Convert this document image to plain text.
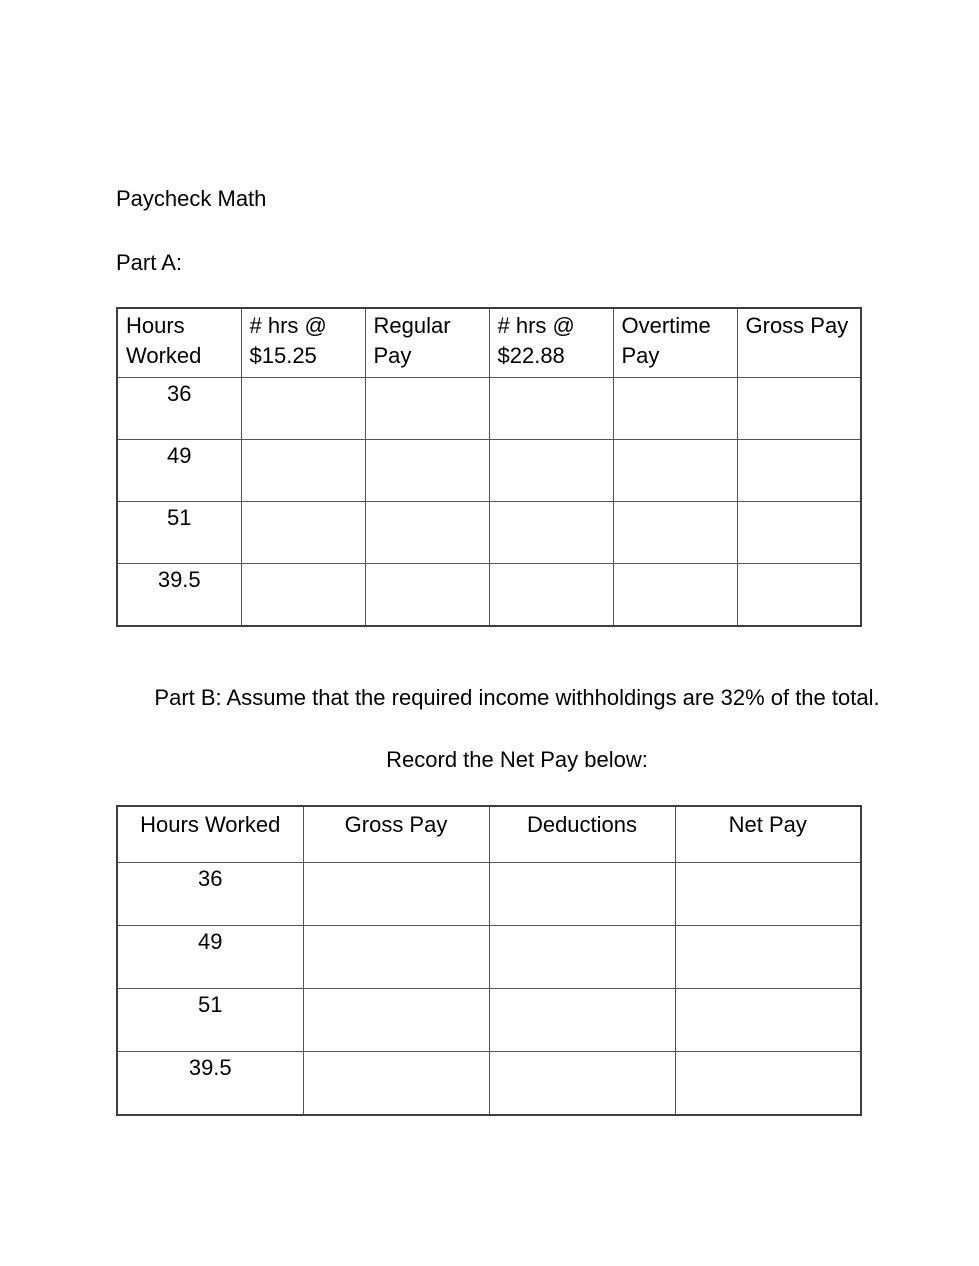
Paycheck Math
Part A:
Hours Worked	# hrs @ $15.25	Regular Pay	# hrs @ $22.88	Overtime Pay	Gross Pay
36					
49					
51					
39.5					
Part B: Assume that the required income withholdings are 32% of the total.
Record the Net Pay below:
Hours Worked	Gross Pay	Deductions	Net Pay
36			
49			
51			
39.5			
